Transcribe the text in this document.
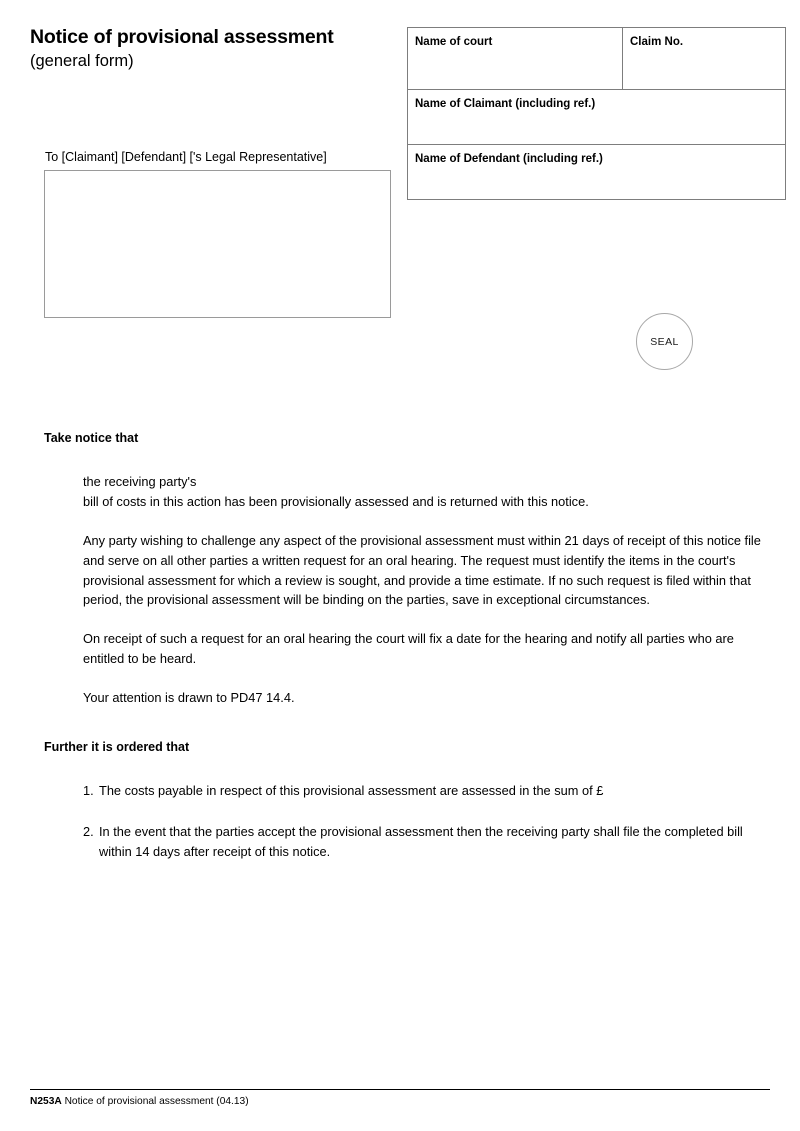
Notice of provisional assessment
(general form)
Name of court	Claim No.
Name of Claimant (including ref.)
Name of Defendant (including ref.)
To [Claimant] [Defendant] ['s Legal Representative]
SEAL
Take notice that

the receiving party's

bill of costs in this action has been provisionally assessed and is returned with this notice.

Any party wishing to challenge any aspect of the provisional assessment must within 21 days of receipt of this notice file and serve on all other parties a written request for an oral hearing. The request must identify the items in the court's provisional assessment for which a review is sought, and provide a time estimate. If no such request is filed within that period, the provisional assessment will be binding on the parties, save in exceptional circumstances.

On receipt of such a request for an oral hearing the court will fix a date for the hearing and notify all parties who are entitled to be heard.

Your attention is drawn to PD47 14.4.

Further it is ordered that
1. The costs payable in respect of this provisional assessment are assessed in the sum of £
2. In the event that the parties accept the provisional assessment then the receiving party shall file the completed bill within 14 days after receipt of this notice.
N253A Notice of provisional assessment (04.13)
